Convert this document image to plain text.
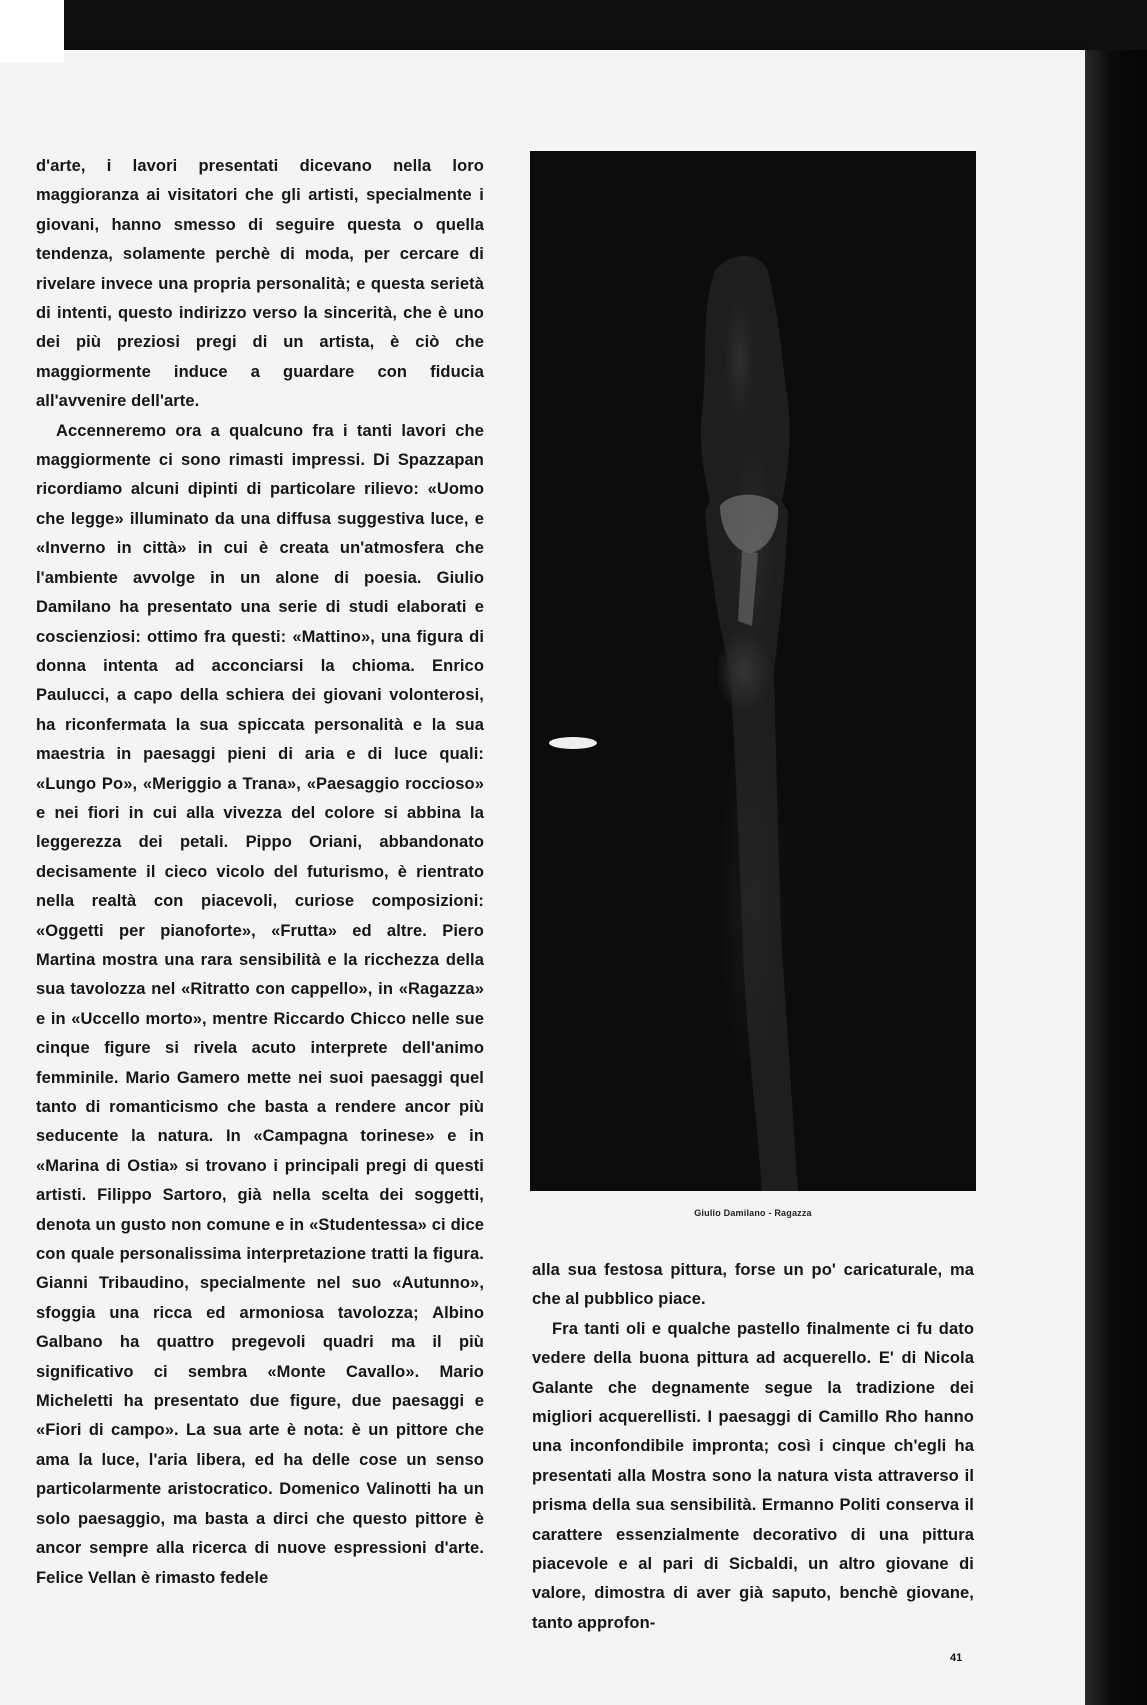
d'arte, i lavori presentati dicevano nella loro maggioranza ai visitatori che gli artisti, specialmente i giovani, hanno smesso di seguire questa o quella tendenza, solamente perchè di moda, per cercare di rivelare invece una propria personalità; e questa serietà di intenti, questo indirizzo verso la sincerità, che è uno dei più preziosi pregi di un artista, è ciò che maggiormente induce a guardare con fiducia all'avvenire dell'arte.

Accenneremo ora a qualcuno fra i tanti lavori che maggiormente ci sono rimasti impressi. Di Spazzapan ricordiamo alcuni dipinti di particolare rilievo: «Uomo che legge» illuminato da una diffusa suggestiva luce, e «Inverno in città» in cui è creata un'atmosfera che l'ambiente avvolge in un alone di poesia. Giulio Damilano ha presentato una serie di studi elaborati e coscienziosi: ottimo fra questi: «Mattino», una figura di donna intenta ad acconciarsi la chioma. Enrico Paulucci, a capo della schiera dei giovani volonterosi, ha riconfermata la sua spiccata personalità e la sua maestria in paesaggi pieni di aria e di luce quali: «Lungo Po», «Meriggio a Trana», «Paesaggio roccioso» e nei fiori in cui alla vivezza del colore si abbina la leggerezza dei petali. Pippo Oriani, abbandonato decisamente il cieco vicolo del futurismo, è rientrato nella realtà con piacevoli, curiose composizioni: «Oggetti per pianoforte», «Frutta» ed altre. Piero Martina mostra una rara sensibilità e la ricchezza della sua tavolozza nel «Ritratto con cappello», in «Ragazza» e in «Uccello morto», mentre Riccardo Chicco nelle sue cinque figure si rivela acuto interprete dell'animo femminile. Mario Gamero mette nei suoi paesaggi quel tanto di romanticismo che basta a rendere ancor più seducente la natura. In «Campagna torinese» e in «Marina di Ostia» si trovano i principali pregi di questi artisti. Filippo Sartoro, già nella scelta dei soggetti, denota un gusto non comune e in «Studentessa» ci dice con quale personalissima interpretazione tratti la figura. Gianni Tribaudino, specialmente nel suo «Autunno», sfoggia una ricca ed armoniosa tavolozza; Albino Galbano ha quattro pregevoli quadri ma il più significativo ci sembra «Monte Cavallo». Mario Micheletti ha presentato due figure, due paesaggi e «Fiori di campo». La sua arte è nota: è un pittore che ama la luce, l'aria libera, ed ha delle cose un senso particolarmente aristocratico. Domenico Valinotti ha un solo paesaggio, ma basta a dirci che questo pittore è ancor sempre alla ricerca di nuove espressioni d'arte. Felice Vellan è rimasto fedele

Giulio Damilano - Ragazza

alla sua festosa pittura, forse un po' caricaturale, ma che al pubblico piace.

Fra tanti oli e qualche pastello finalmente ci fu dato vedere della buona pittura ad acquerello. E' di Nicola Galante che degnamente segue la tradizione dei migliori acquerellisti. I paesaggi di Camillo Rho hanno una inconfondibile impronta; così i cinque ch'egli ha presentati alla Mostra sono la natura vista attraverso il prisma della sua sensibilità. Ermanno Politi conserva il carattere essenzialmente decorativo di una pittura piacevole e al pari di Sicbaldi, un altro giovane di valore, dimostra di aver già saputo, benchè giovane, tanto approfon-

41
